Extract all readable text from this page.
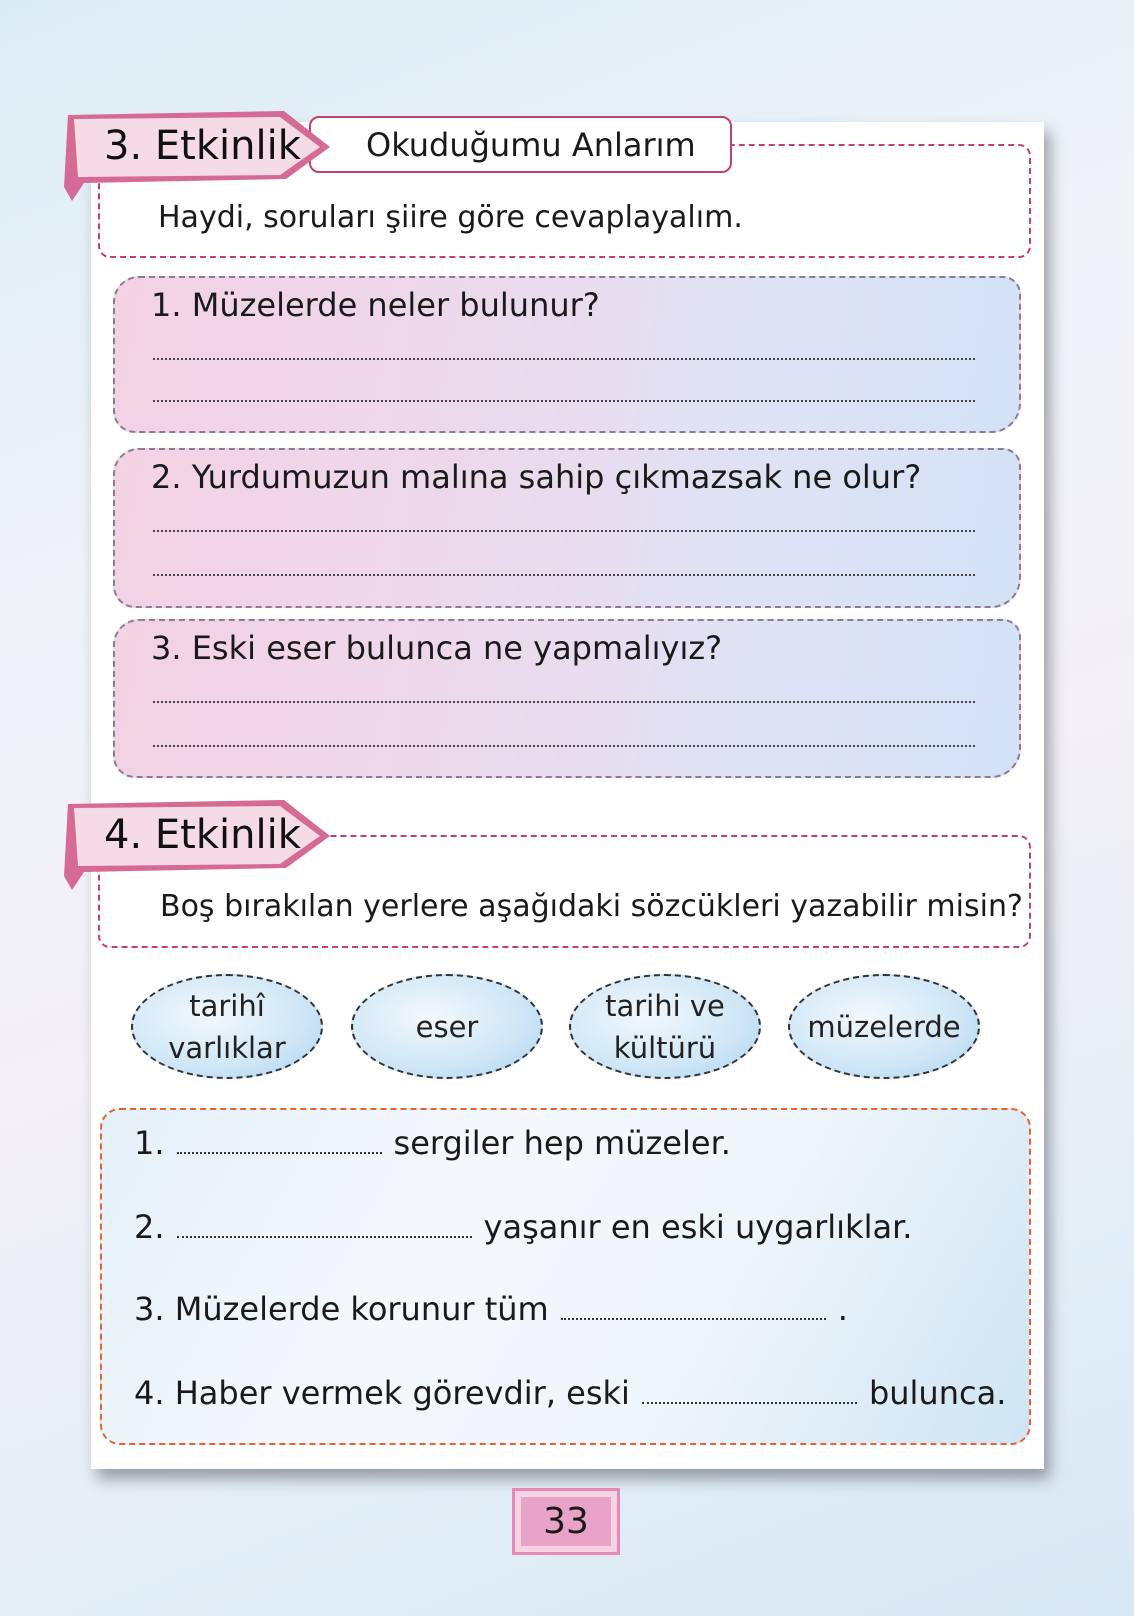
3. Etkinlik	Okuduğumu Anlarım
Haydi, soruları şiire göre cevaplayalım.
1. Müzelerde neler bulunur?
2. Yurdumuzun malına sahip çıkmazsak ne olur?
3. Eski eser bulunca ne yapmalıyız?
4. Etkinlik
Boş bırakılan yerlere aşağıdaki sözcükleri yazabilir misin?
tarihî
varlıklar
eser
tarihi ve
kültürü
müzelerde
1.	sergiler hep müzeler.
2.	yaşanır en eski uygarlıklar.
3. Müzelerde korunur tüm	.
4. Haber vermek görevdir, eski	bulunca.
33
